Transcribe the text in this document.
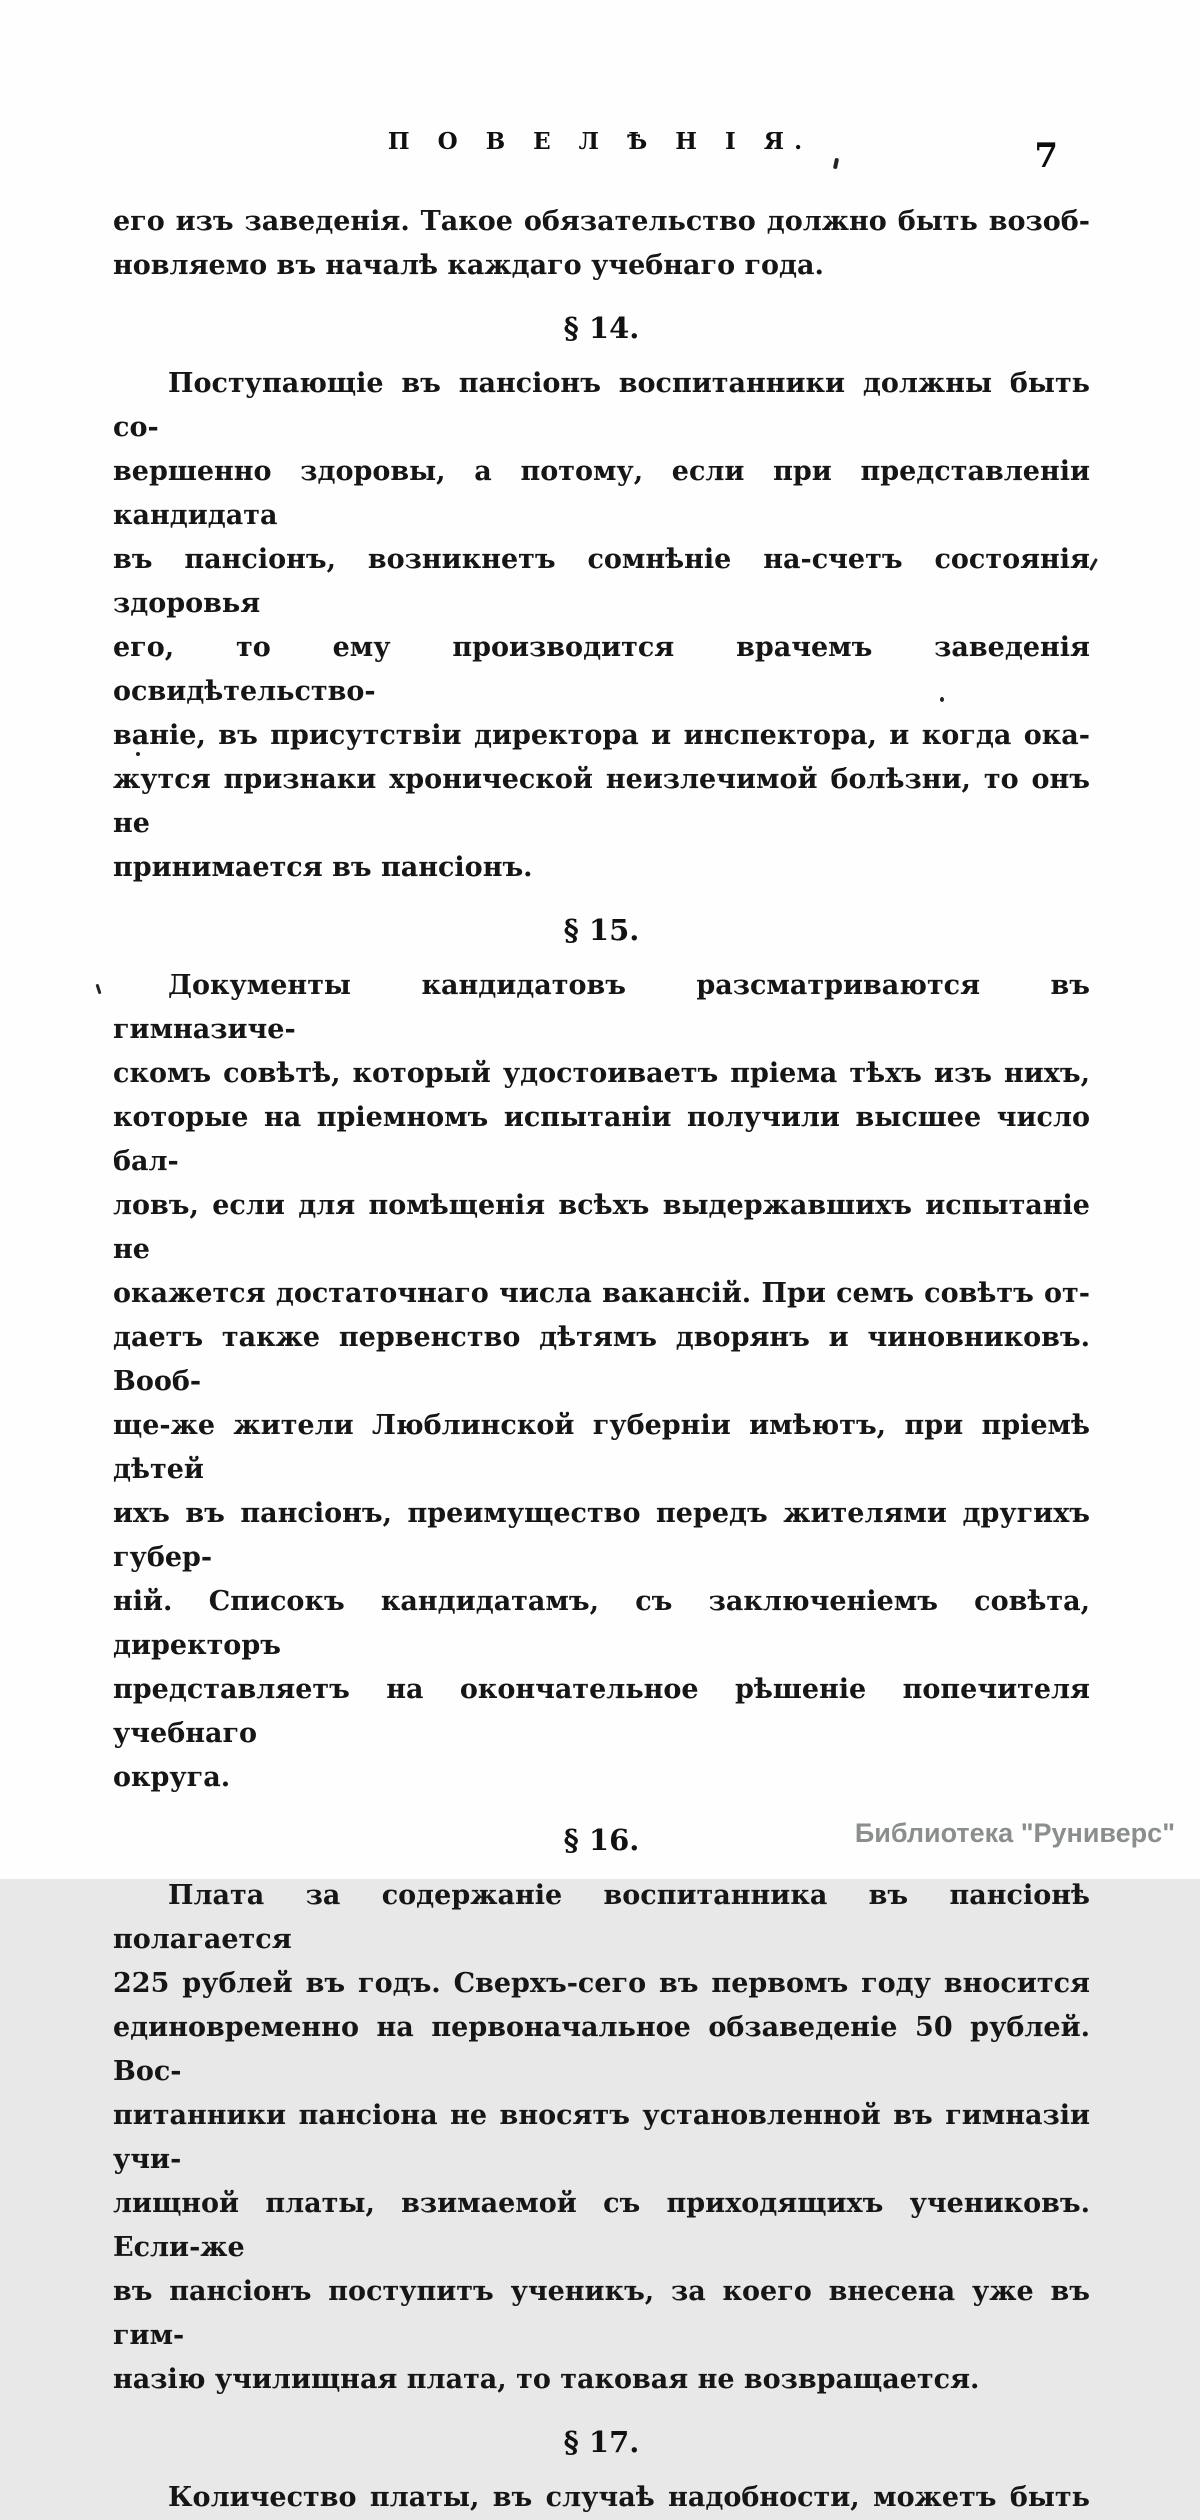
П О В Е Л Ѣ Н І Я.	7
его изъ заведенія. Такое обязательство должно быть возоб-
новляемо въ началѣ каждаго учебнаго года.
§ 14.
Поступающіе въ пансіонъ воспитанники должны быть со-
вершенно здоровы, а потому, если при представленіи кандидата
въ пансіонъ, возникнетъ сомнѣніе на-счетъ состоянія здоровья
его, то ему производится врачемъ заведенія освидѣтельство-
ваніе, въ присутствіи директора и инспектора, и когда ока-
жутся признаки хронической неизлечимой болѣзни, то онъ не
принимается въ пансіонъ.
§ 15.
Документы кандидатовъ разсматриваются въ гимназиче-
скомъ совѣтѣ, который удостоиваетъ пріема тѣхъ изъ нихъ,
которые на пріемномъ испытаніи получили высшее число бал-
ловъ, если для помѣщенія всѣхъ выдержавшихъ испытаніе не
окажется достаточнаго числа вакансій. При семъ совѣтъ от-
даетъ также первенство дѣтямъ дворянъ и чиновниковъ. Вооб-
ще-же жители Люблинской губерніи имѣютъ, при пріемѣ дѣтей
ихъ въ пансіонъ, преимущество передъ жителями другихъ губер-
ній. Списокъ кандидатамъ, съ заключеніемъ совѣта, директоръ
представляетъ на окончательное рѣшеніе попечителя учебнаго
округа.
§ 16.
Плата за содержаніе воспитанника въ пансіонѣ полагается
225 рублей въ годъ. Сверхъ-сего въ первомъ году вносится
единовременно на первоначальное обзаведеніе 50 рублей. Вос-
питанники пансіона не вносятъ установленной въ гимназіи учи-
лищной платы, взимаемой съ приходящихъ учениковъ. Если-же
въ пансіонъ поступитъ ученикъ, за коего внесена уже въ гим-
назію училищная плата, то таковая не возвращается.
§ 17.
Количество платы, въ случаѣ надобности, можетъ быть
Библиотека "Руниверс"
